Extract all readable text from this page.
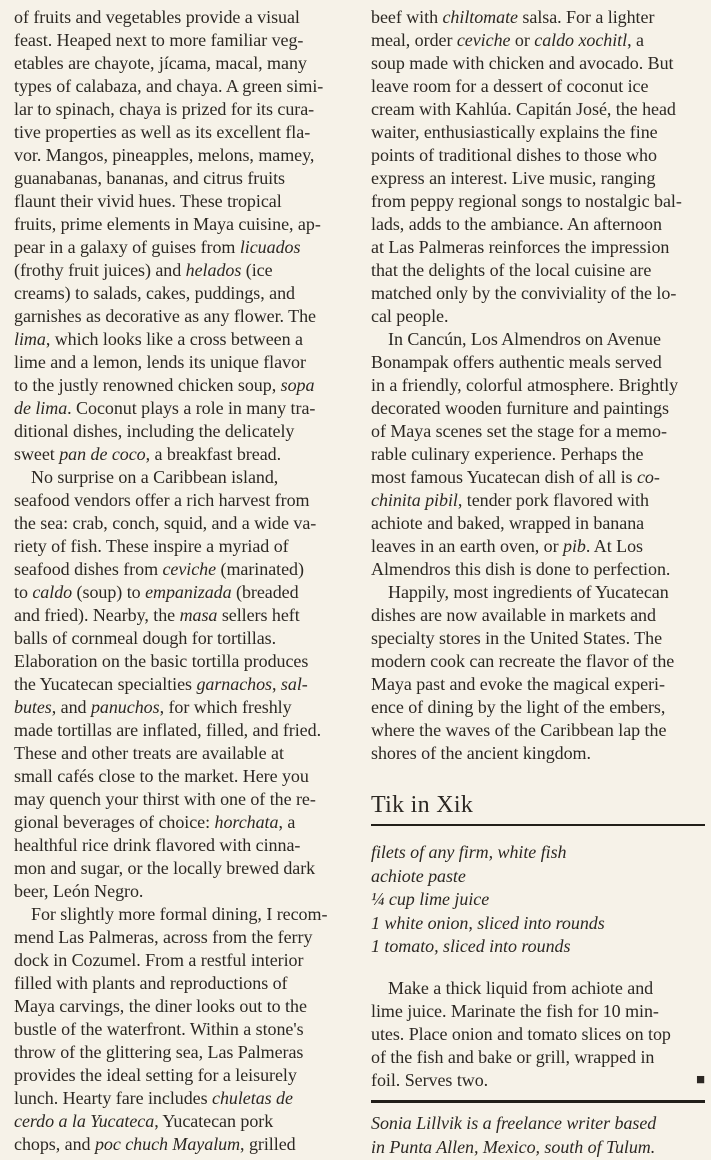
of fruits and vegetables provide a visual
feast. Heaped next to more familiar veg-
etables are chayote, jícama, macal, many
types of calabaza, and chaya. A green simi-
lar to spinach, chaya is prized for its cura-
tive properties as well as its excellent fla-
vor. Mangos, pineapples, melons, mamey,
guanabanas, bananas, and citrus fruits
flaunt their vivid hues. These tropical
fruits, prime elements in Maya cuisine, ap-
pear in a galaxy of guises from licuados
(frothy fruit juices) and helados (ice
creams) to salads, cakes, puddings, and
garnishes as decorative as any flower. The
lima, which looks like a cross between a
lime and a lemon, lends its unique flavor
to the justly renowned chicken soup, sopa
de lima. Coconut plays a role in many tra-
ditional dishes, including the delicately
sweet pan de coco, a breakfast bread.
No surprise on a Caribbean island,
seafood vendors offer a rich harvest from
the sea: crab, conch, squid, and a wide va-
riety of fish. These inspire a myriad of
seafood dishes from ceviche (marinated)
to caldo (soup) to empanizada (breaded
and fried). Nearby, the masa sellers heft
balls of cornmeal dough for tortillas.
Elaboration on the basic tortilla produces
the Yucatecan specialties garnachos, sal-
butes, and panuchos, for which freshly
made tortillas are inflated, filled, and fried.
These and other treats are available at
small cafés close to the market. Here you
may quench your thirst with one of the re-
gional beverages of choice: horchata, a
healthful rice drink flavored with cinna-
mon and sugar, or the locally brewed dark
beer, León Negro.
For slightly more formal dining, I recom-
mend Las Palmeras, across from the ferry
dock in Cozumel. From a restful interior
filled with plants and reproductions of
Maya carvings, the diner looks out to the
bustle of the waterfront. Within a stone's
throw of the glittering sea, Las Palmeras
provides the ideal setting for a leisurely
lunch. Hearty fare includes chuletas de
cerdo a la Yucateca, Yucatecan pork
chops, and poc chuch Mayalum, grilled
beef with chiltomate salsa. For a lighter
meal, order ceviche or caldo xochitl, a
soup made with chicken and avocado. But
leave room for a dessert of coconut ice
cream with Kahlúa. Capitán José, the head
waiter, enthusiastically explains the fine
points of traditional dishes to those who
express an interest. Live music, ranging
from peppy regional songs to nostalgic bal-
lads, adds to the ambiance. An afternoon
at Las Palmeras reinforces the impression
that the delights of the local cuisine are
matched only by the conviviality of the lo-
cal people.
In Cancún, Los Almendros on Avenue
Bonampak offers authentic meals served
in a friendly, colorful atmosphere. Brightly
decorated wooden furniture and paintings
of Maya scenes set the stage for a memo-
rable culinary experience. Perhaps the
most famous Yucatecan dish of all is co-
chinita pibil, tender pork flavored with
achiote and baked, wrapped in banana
leaves in an earth oven, or pib. At Los
Almendros this dish is done to perfection.
Happily, most ingredients of Yucatecan
dishes are now available in markets and
specialty stores in the United States. The
modern cook can recreate the flavor of the
Maya past and evoke the magical experi-
ence of dining by the light of the embers,
where the waves of the Caribbean lap the
shores of the ancient kingdom.
Tik in Xik
filets of any firm, white fish
achiote paste
¼ cup lime juice
1 white onion, sliced into rounds
1 tomato, sliced into rounds
Make a thick liquid from achiote and
lime juice. Marinate the fish for 10 min-
utes. Place onion and tomato slices on top
of the fish and bake or grill, wrapped in
■
foil. Serves two.
Sonia Lillvik is a freelance writer based
in Punta Allen, Mexico, south of Tulum.
